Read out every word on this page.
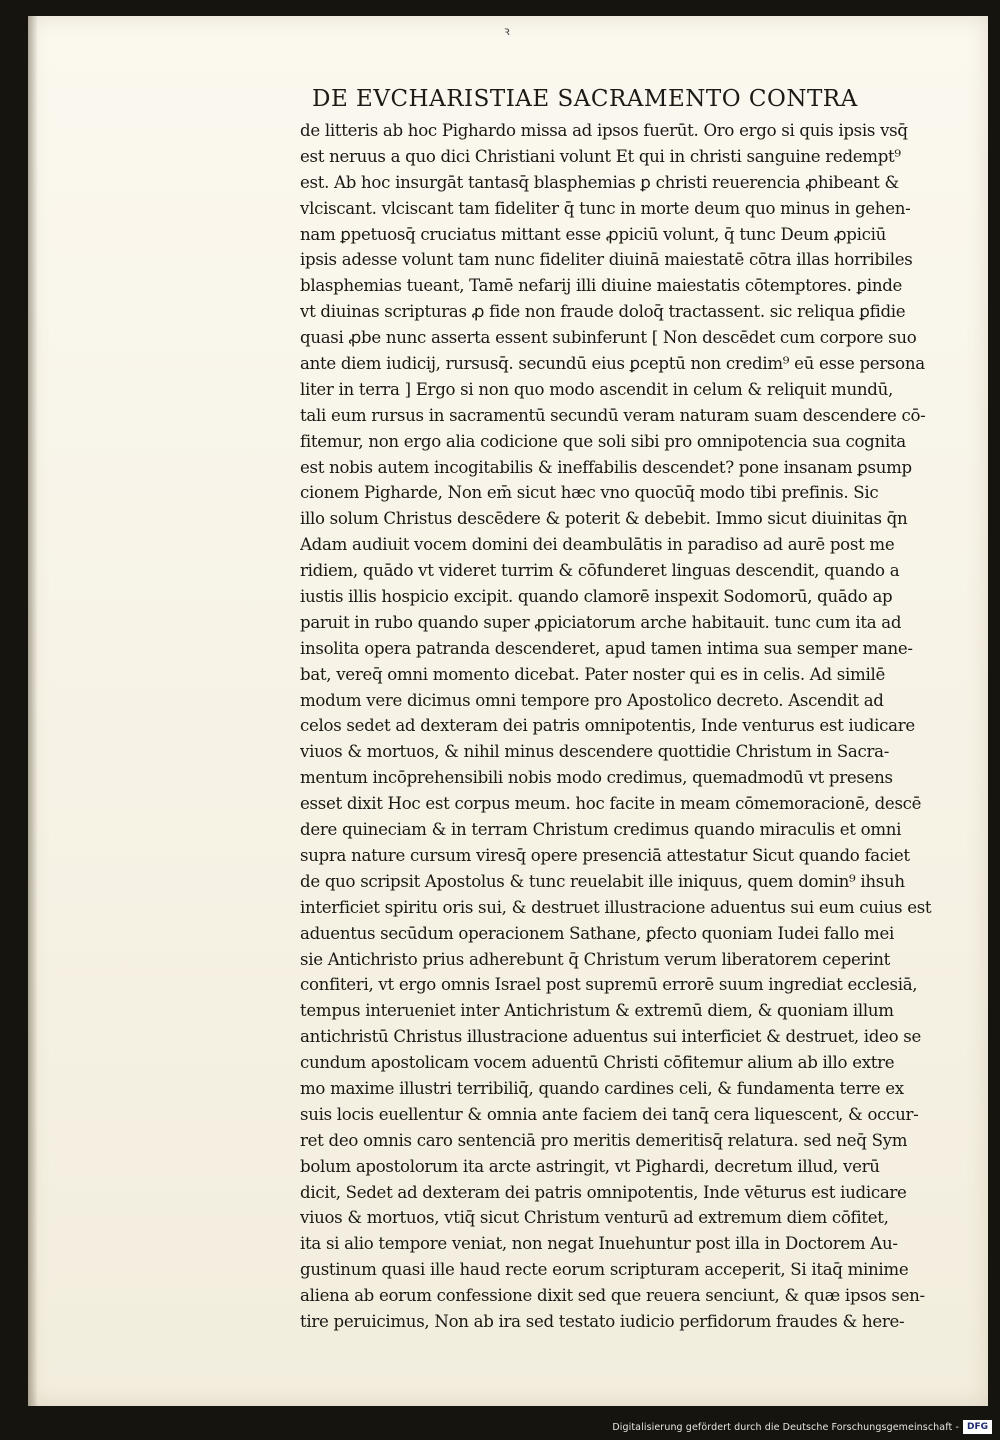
ꝛ
DE EVCHARISTIAE SACRAMENTO CONTRA
de litteris ab hoc Pighardo missa ad ipsos fuerūt. Oro ergo si quis ipsis vsq̄
est neruus a quo dici Christiani volunt Et qui in christi sanguine redempt⁹
est. Ab hoc insurgāt tantasq̄ blasphemias ꝑ christi reuerencia ꝓhibeant &
vlciscant. vlciscant tam fideliter q̄ tunc in morte deum quo minus in gehen-
nam ꝑpetuosq̄ cruciatus mittant esse ꝓpiciū volunt, q̄ tunc Deum ꝓpiciū
ipsis adesse volunt tam nunc fideliter diuinā maiestatē cōtra illas horribiles
blasphemias tueant, Tamē nefarij illi diuine maiestatis cōtemptores. ꝑinde
vt diuinas scripturas ꝓ fide non fraude doloq̄ tractassent. sic reliqua ꝑfidie
quasi ꝓbe nunc asserta essent subinferunt [ Non descēdet cum corpore suo
ante diem iudicij, rursusq̄. secundū eius ꝑceptū non credim⁹ eū esse persona
liter in terra ] Ergo si non quo modo ascendit in celum & reliquit mundū,
tali eum rursus in sacramentū secundū veram naturam suam descendere cō-
fitemur, non ergo alia codicione que soli sibi pro omnipotencia sua cognita
est nobis autem incogitabilis & ineffabilis descendet? pone insanam ꝑsump
cionem Pigharde, Non em̄ sicut hæc vno quocūq̄ modo tibi prefinis. Sic
illo solum Christus descēdere & poterit & debebit. Immo sicut diuinitas q̄n
Adam audiuit vocem domini dei deambulātis in paradiso ad aurē post me
ridiem, quādo vt videret turrim & cōfunderet linguas descendit, quando a
iustis illis hospicio excipit. quando clamorē inspexit Sodomorū, quādo ap
paruit in rubo quando super ꝓpiciatorum arche habitauit. tunc cum ita ad
insolita opera patranda descenderet, apud tamen intima sua semper mane-
bat, vereq̄ omni momento dicebat. Pater noster qui es in celis. Ad similē
modum vere dicimus omni tempore pro Apostolico decreto. Ascendit ad
celos sedet ad dexteram dei patris omnipotentis, Inde venturus est iudicare
viuos & mortuos, & nihil minus descendere quottidie Christum in Sacra-
mentum incōprehensibili nobis modo credimus, quemadmodū vt presens
esset dixit Hoc est corpus meum. hoc facite in meam cōmemoracionē, descē
dere quineciam & in terram Christum credimus quando miraculis et omni
supra nature cursum viresq̄ opere presenciā attestatur Sicut quando faciet
de quo scripsit Apostolus & tunc reuelabit ille iniquus, quem domin⁹ ihsuh
interficiet spiritu oris sui, & destruet illustracione aduentus sui eum cuius est
aduentus secūdum operacionem Sathane, ꝑfecto quoniam Iudei fallo mei
sie Antichristo prius adherebunt q̄ Christum verum liberatorem ceperint
confiteri, vt ergo omnis Israel post supremū errorē suum ingrediat ecclesiā,
tempus interueniet inter Antichristum & extremū diem, & quoniam illum
antichristū Christus illustracione aduentus sui interficiet & destruet, ideo se
cundum apostolicam vocem aduentū Christi cōfitemur alium ab illo extre
mo maxime illustri terribiliq̄, quando cardines celi, & fundamenta terre ex
suis locis euellentur & omnia ante faciem dei tanq̄ cera liquescent, & occur-
ret deo omnis caro sentenciā pro meritis demeritisq̄ relatura. sed neq̄ Sym
bolum apostolorum ita arcte astringit, vt Pighardi, decretum illud, verū
dicit, Sedet ad dexteram dei patris omnipotentis, Inde vēturus est iudicare
viuos & mortuos, vtiq̄ sicut Christum venturū ad extremum diem cōfitet,
ita si alio tempore veniat, non negat Inuehuntur post illa in Doctorem Au-
gustinum quasi ille haud recte eorum scripturam acceperit, Si itaq̄ minime
aliena ab eorum confessione dixit sed que reuera senciunt, & quæ ipsos sen-
tire peruicimus, Non ab ira sed testato iudicio perfidorum fraudes & here-
Digitalisierung gefördert durch die Deutsche Forschungsgemeinschaft - DFG
